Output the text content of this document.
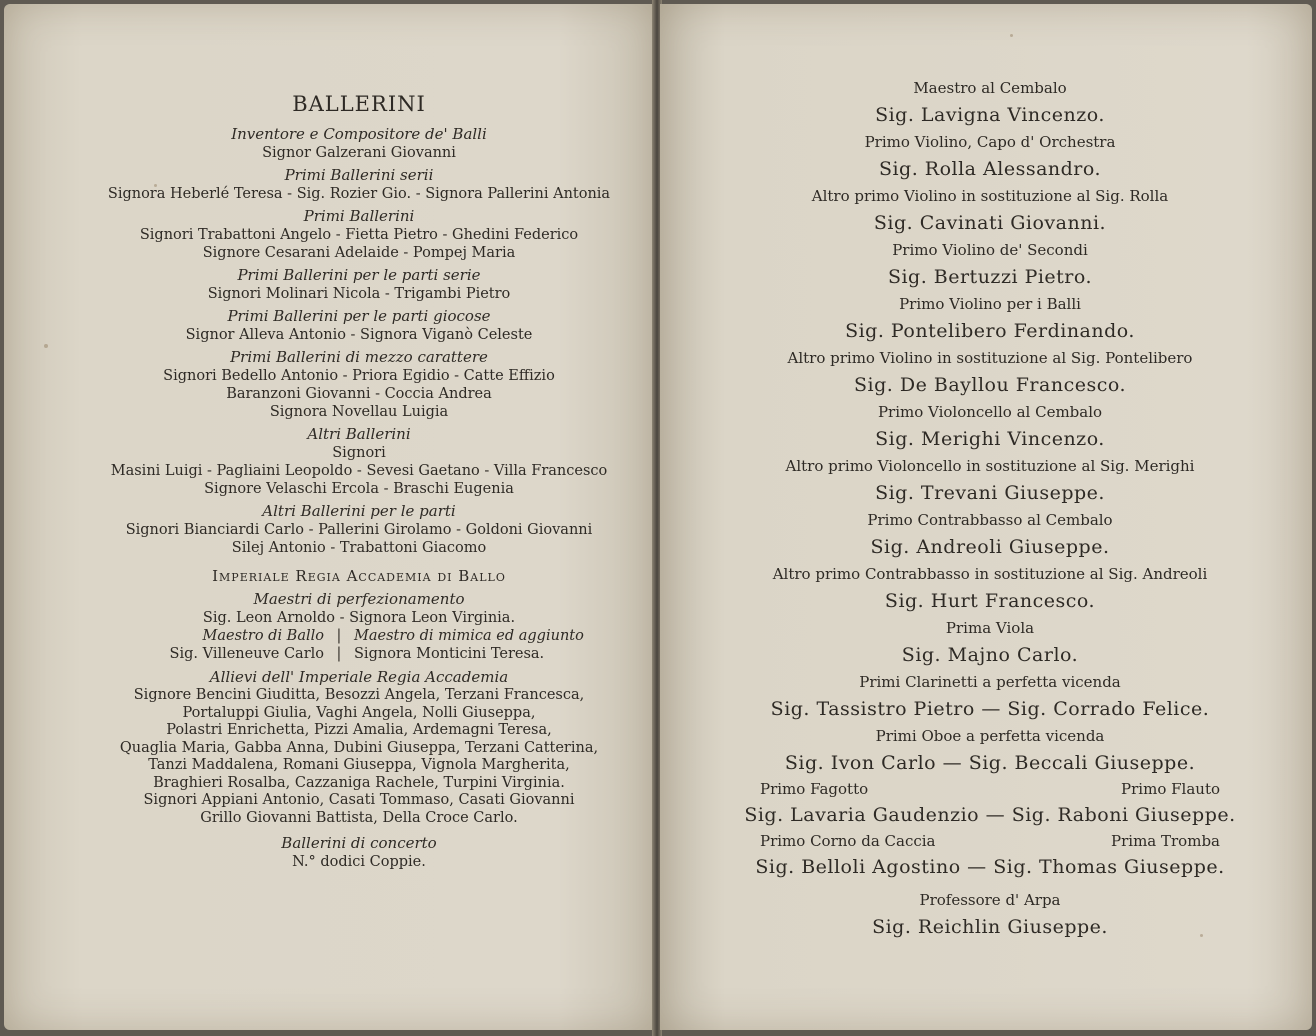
BALLERINI
Inventore e Compositore de' Balli
Signor Galzerani Giovanni
Primi Ballerini serii
Signora Heberlé Teresa - Sig. Rozier Gio. - Signora Pallerini Antonia
Primi Ballerini
Signori Trabattoni Angelo - Fietta Pietro - Ghedini Federico
Signore Cesarani Adelaide - Pompej Maria
Primi Ballerini per le parti serie
Signori Molinari Nicola - Trigambi Pietro
Primi Ballerini per le parti giocose
Signor Alleva Antonio - Signora Viganò Celeste
Primi Ballerini di mezzo carattere
Signori Bedello Antonio - Priora Egidio - Catte Effizio
Baranzoni Giovanni - Coccia Andrea
Signora Novellau Luigia
Altri Ballerini
Signori
Masini Luigi - Pagliaini Leopoldo - Sevesi Gaetano - Villa Francesco
Signore Velaschi Ercola - Braschi Eugenia
Altri Ballerini per le parti
Signori Bianciardi Carlo - Pallerini Girolamo - Goldoni Giovanni
Silej Antonio - Trabattoni Giacomo
Imperiale Regia Accademia di Ballo
Maestri di perfezionamento
Sig. Leon Arnoldo - Signora Leon Virginia.
Maestro di Ballo
Sig. Villeneuve Carlo
|
|
Maestro di mimica ed aggiunto
Signora Monticini Teresa.
Allievi dell' Imperiale Regia Accademia
Signore Bencini Giuditta, Besozzi Angela, Terzani Francesca,
Portaluppi Giulia, Vaghi Angela, Nolli Giuseppa,
Polastri Enrichetta, Pizzi Amalia, Ardemagni Teresa,
Quaglia Maria, Gabba Anna, Dubini Giuseppa, Terzani Catterina,
Tanzi Maddalena, Romani Giuseppa, Vignola Margherita,
Braghieri Rosalba, Cazzaniga Rachele, Turpini Virginia.
Signori Appiani Antonio, Casati Tommaso, Casati Giovanni
Grillo Giovanni Battista, Della Croce Carlo.
Ballerini di concerto
N.° dodici Coppie.
Maestro al Cembalo
Sig. Lavigna Vincenzo.
Primo Violino, Capo d' Orchestra
Sig. Rolla Alessandro.
Altro primo Violino in sostituzione al Sig. Rolla
Sig. Cavinati Giovanni.
Primo Violino de' Secondi
Sig. Bertuzzi Pietro.
Primo Violino per i Balli
Sig. Pontelibero Ferdinando.
Altro primo Violino in sostituzione al Sig. Pontelibero
Sig. De Bayllou Francesco.
Primo Violoncello al Cembalo
Sig. Merighi Vincenzo.
Altro primo Violoncello in sostituzione al Sig. Merighi
Sig. Trevani Giuseppe.
Primo Contrabbasso al Cembalo
Sig. Andreoli Giuseppe.
Altro primo Contrabbasso in sostituzione al Sig. Andreoli
Sig. Hurt Francesco.
Prima Viola
Sig. Majno Carlo.
Primi Clarinetti a perfetta vicenda
Sig. Tassistro Pietro — Sig. Corrado Felice.
Primi Oboe a perfetta vicenda
Sig. Ivon Carlo — Sig. Beccali Giuseppe.
Primo Fagotto	Primo Flauto
Sig. Lavaria Gaudenzio — Sig. Raboni Giuseppe.
Primo Corno da Caccia	Prima Tromba
Sig. Belloli Agostino — Sig. Thomas Giuseppe.
Professore d' Arpa
Sig. Reichlin Giuseppe.
